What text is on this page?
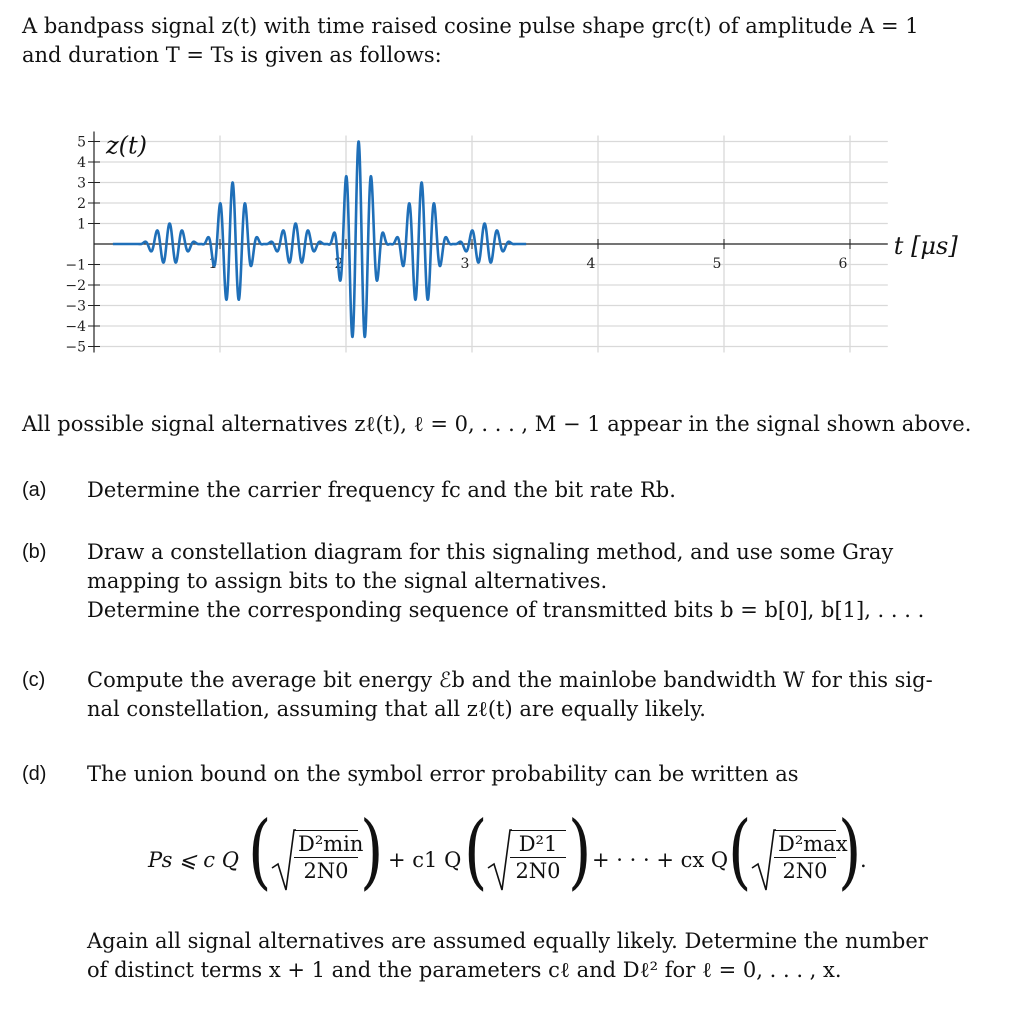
A bandpass signal z(t) with time raised cosine pulse shape grc(t) of amplitude A = 1

and duration T = Ts is given as follows:

5
4
3
2
1
−1
−2
−3
−4
−5
1	2	3	4	5	6
z(t)
t [μs]
All possible signal alternatives zℓ(t), ℓ = 0, . . . , M − 1 appear in the signal shown above.
(a) Determine the carrier frequency fc and the bit rate Rb.

(b) Draw a constellation diagram for this signaling method, and use some Gray

mapping to assign bits to the signal alternatives.

Determine the corresponding sequence of transmitted bits b = b[0], b[1], . . . .

(c) Compute the average bit energy ℰb and the mainlobe bandwidth W for this sig-

nal constellation, assuming that all zℓ(t) are equally likely.

(d) The union bound on the symbol error probability can be written as

Again all signal alternatives are assumed equally likely. Determine the number

of distinct terms x + 1 and the parameters cℓ and Dℓ² for ℓ = 0, . . . , x.

Ps ⩽ c Q ( D²min
2N0 ) + c1 Q ( $\frac{\text{D²1}}{2N0}$ ) + · · · + cx Q ( D²max
2N0 )
.
